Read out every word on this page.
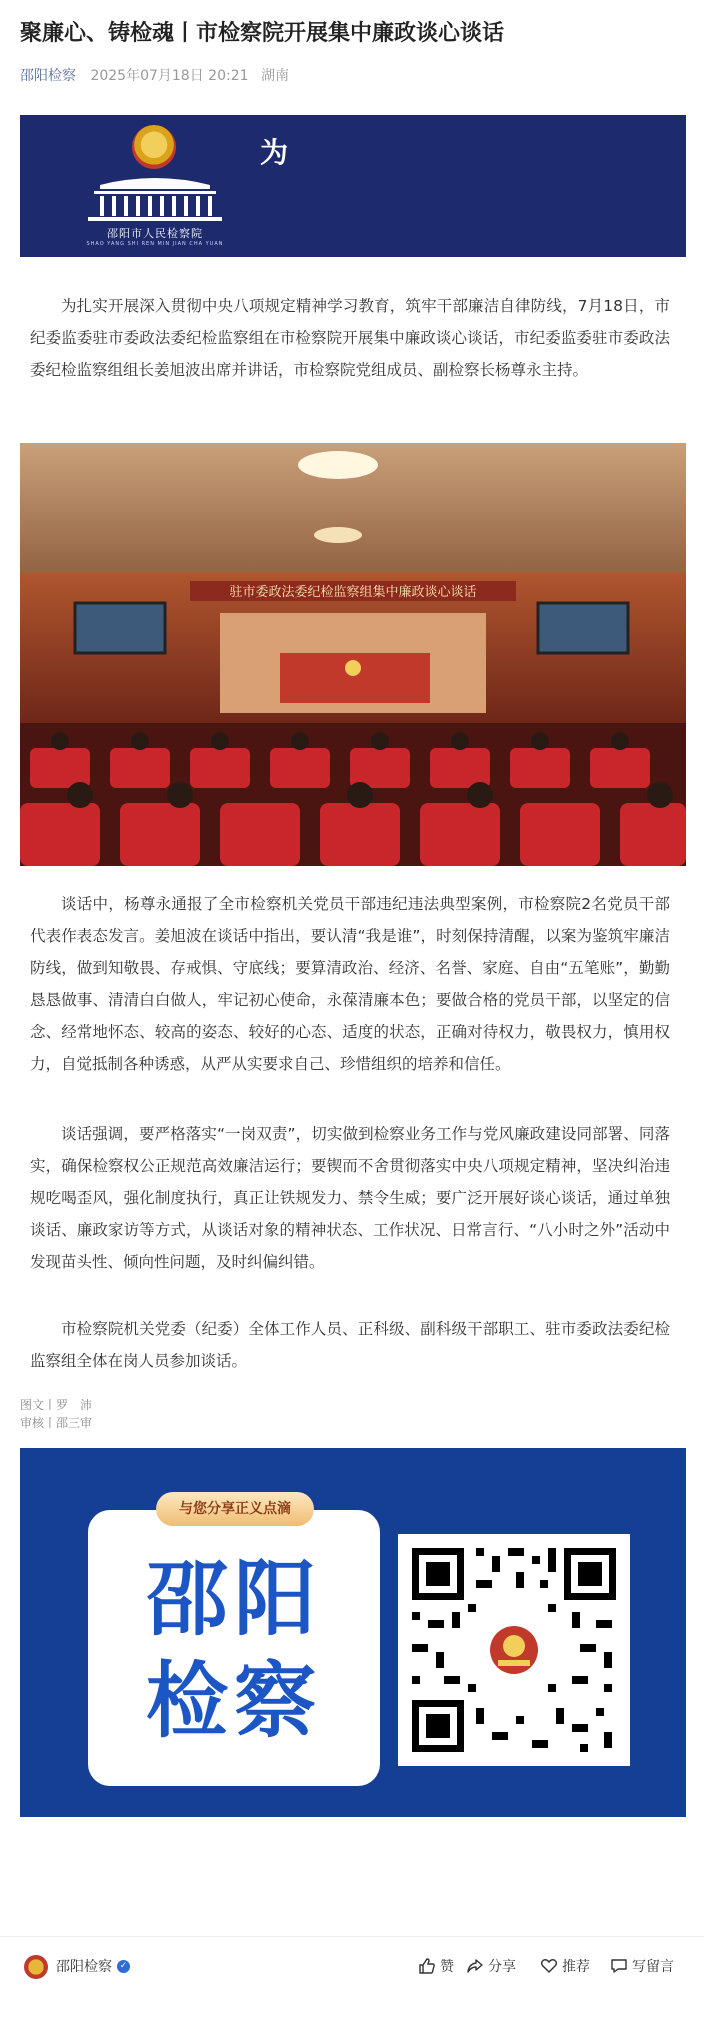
聚廉心、铸检魂丨市检察院开展集中廉政谈心谈话
邵阳检察 2025年07月18日 20:21 湖南
邵阳市人民检察院
SHAO YANG SHI REN MIN JIAN CHA YUAN
为
为扎实开展深入贯彻中央八项规定精神学习教育，筑牢干部廉洁自律防线，7月18日，市纪委监委驻市委政法委纪检监察组在市检察院开展集中廉政谈心谈话，市纪委监委驻市委政法委纪检监察组组长姜旭波出席并讲话，市检察院党组成员、副检察长杨尊永主持。
驻市委政法委纪检监察组集中廉政谈心谈话
谈话中，杨尊永通报了全市检察机关党员干部违纪违法典型案例，市检察院2名党员干部代表作表态发言。姜旭波在谈话中指出，要认清“我是谁”，时刻保持清醒，以案为鉴筑牢廉洁防线，做到知敬畏、存戒惧、守底线；要算清政治、经济、名誉、家庭、自由“五笔账”，勤勤恳恳做事、清清白白做人，牢记初心使命，永葆清廉本色；要做合格的党员干部，以坚定的信念、经常地怀态、较高的姿态、较好的心态、适度的状态，正确对待权力，敬畏权力，慎用权力，自觉抵制各种诱惑，从严从实要求自己、珍惜组织的培养和信任。
谈话强调，要严格落实“一岗双责”，切实做到检察业务工作与党风廉政建设同部署、同落实，确保检察权公正规范高效廉洁运行；要锲而不舍贯彻落实中央八项规定精神，坚决纠治违规吃喝歪风，强化制度执行，真正让铁规发力、禁令生威；要广泛开展好谈心谈话，通过单独谈话、廉政家访等方式，从谈话对象的精神状态、工作状况、日常言行、“八小时之外”活动中发现苗头性、倾向性问题，及时纠偏纠错。
市检察院机关党委（纪委）全体工作人员、正科级、副科级干部职工、驻市委政法委纪检监察组全体在岗人员参加谈话。
图文丨罗　沛
审核丨邵三审
与您分享正义点滴
邵阳
检察
邵阳检察 ✓	赞 分享	推荐	写留言
